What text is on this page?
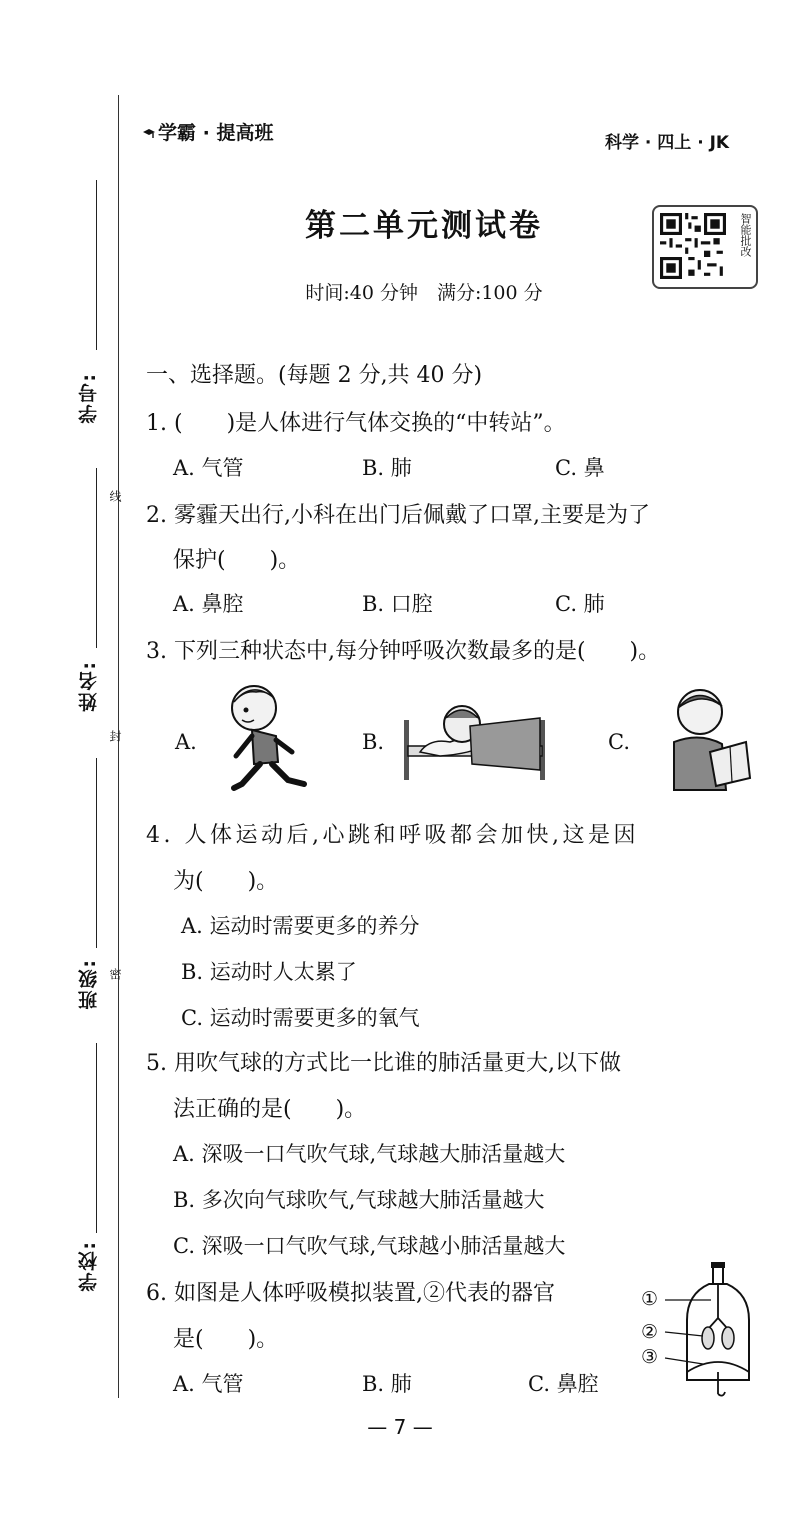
学号:
姓名:
班级:
学校:
线
封
密
学霸 · 提高班	科学 · 四上 · JK
第二单元测试卷
时间:40 分钟　满分:100 分
智能批改
一、选择题。(每题 2 分,共 40 分)
1. (　　)是人体进行气体交换的“中转站”。
A. 气管	B. 肺	C. 鼻
2. 雾霾天出行,小科在出门后佩戴了口罩,主要是为了
保护(　　)。
A. 鼻腔	B. 口腔	C. 肺
3. 下列三种状态中,每分钟呼吸次数最多的是(　　)。
A.	B.	C.
4. 人体运动后,心跳和呼吸都会加快,这是因
为(　　)。
A. 运动时需要更多的养分
B. 运动时人太累了
C. 运动时需要更多的氧气
5. 用吹气球的方式比一比谁的肺活量更大,以下做
法正确的是(　　)。
A. 深吸一口气吹气球,气球越大肺活量越大
B. 多次向气球吹气,气球越大肺活量越大
C. 深吸一口气吹气球,气球越小肺活量越大
6. 如图是人体呼吸模拟装置,②代表的器官
是(　　)。
A. 气管	B. 肺	C. 鼻腔
①
②
③
— 7 —
